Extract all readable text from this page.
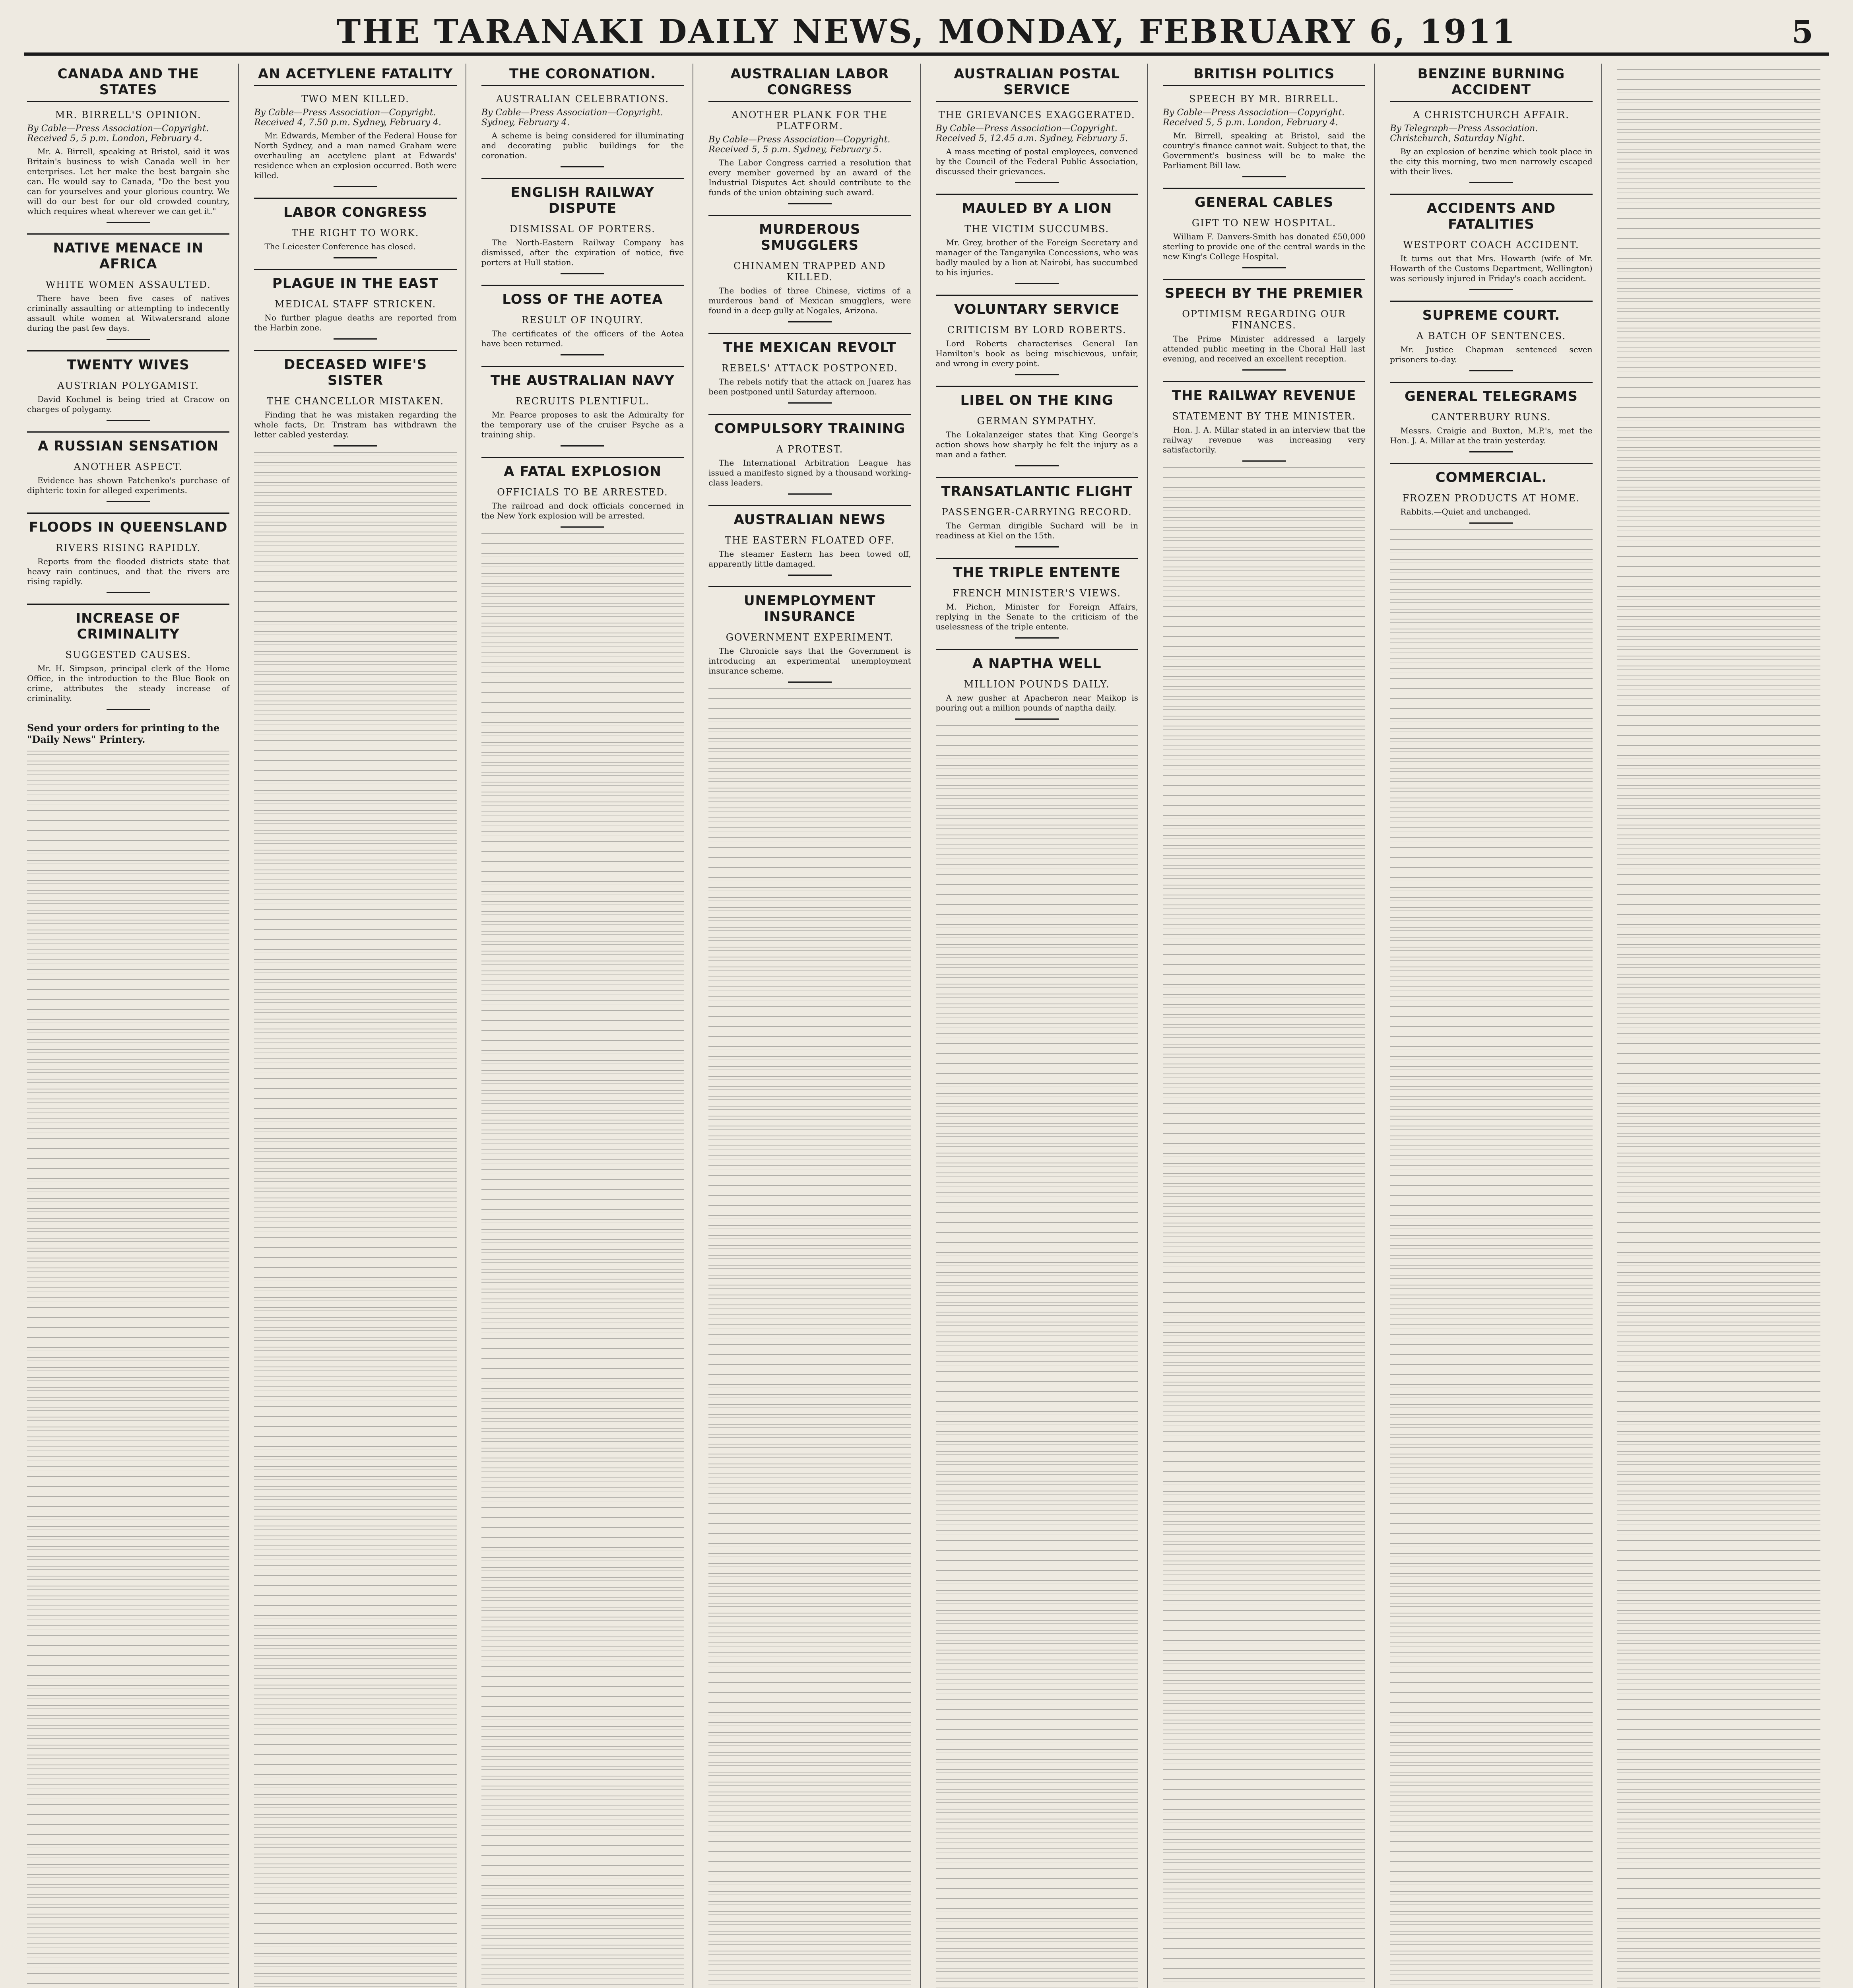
THE TARANAKI DAILY NEWS, MONDAY, FEBRUARY 6, 1911	5
CANADA AND THE STATES
MR. BIRRELL'S OPINION.
By Cable—Press Association—Copyright. Received 5, 5 p.m. London, February 4.

Mr. A. Birrell, speaking at Bristol, said it was Britain's business to wish Canada well in her enterprises. Let her make the best bargain she can. He would say to Canada, "Do the best you can for yourselves and your glorious country. We will do our best for our old crowded country, which requires wheat wherever we can get it."

NATIVE MENACE IN AFRICA
WHITE WOMEN ASSAULTED.

There have been five cases of natives criminally assaulting or attempting to indecently assault white women at Witwatersrand alone during the past few days.

TWENTY WIVES
AUSTRIAN POLYGAMIST.

David Kochmel is being tried at Cracow on charges of polygamy.

A RUSSIAN SENSATION
ANOTHER ASPECT.

Evidence has shown Patchenko's purchase of diphteric toxin for alleged experiments.

FLOODS IN QUEENSLAND
RIVERS RISING RAPIDLY.

Reports from the flooded districts state that heavy rain continues, and that the rivers are rising rapidly.

INCREASE OF CRIMINALITY
SUGGESTED CAUSES.

Mr. H. Simpson, principal clerk of the Home Office, in the introduction to the Blue Book on crime, attributes the steady increase of criminality.

Send your orders for printing to the "Daily News" Printery.
AN ACETYLENE FATALITY
TWO MEN KILLED.
By Cable—Press Association—Copyright. Received 4, 7.50 p.m. Sydney, February 4.

Mr. Edwards, Member of the Federal House for North Sydney, and a man named Graham were overhauling an acetylene plant at Edwards' residence when an explosion occurred. Both were killed.

LABOR CONGRESS
THE RIGHT TO WORK.

The Leicester Conference has closed.

PLAGUE IN THE EAST
MEDICAL STAFF STRICKEN.

No further plague deaths are reported from the Harbin zone.

DECEASED WIFE'S SISTER
THE CHANCELLOR MISTAKEN.

Finding that he was mistaken regarding the whole facts, Dr. Tristram has withdrawn the letter cabled yesterday.

THE CORONATION.
AUSTRALIAN CELEBRATIONS.
By Cable—Press Association—Copyright. Sydney, February 4.

A scheme is being considered for illuminating and decorating public buildings for the coronation.

ENGLISH RAILWAY DISPUTE
DISMISSAL OF PORTERS.

The North-Eastern Railway Company has dismissed, after the expiration of notice, five porters at Hull station.

LOSS OF THE AOTEA
RESULT OF INQUIRY.

The certificates of the officers of the Aotea have been returned.

THE AUSTRALIAN NAVY
RECRUITS PLENTIFUL.

Mr. Pearce proposes to ask the Admiralty for the temporary use of the cruiser Psyche as a training ship.

A FATAL EXPLOSION
OFFICIALS TO BE ARRESTED.

The railroad and dock officials concerned in the New York explosion will be arrested.

AUSTRALIAN LABOR CONGRESS
ANOTHER PLANK FOR THE PLATFORM.
By Cable—Press Association—Copyright. Received 5, 5 p.m. Sydney, February 5.

The Labor Congress carried a resolution that every member governed by an award of the Industrial Disputes Act should contribute to the funds of the union obtaining such award.

MURDEROUS SMUGGLERS
CHINAMEN TRAPPED AND KILLED.

The bodies of three Chinese, victims of a murderous band of Mexican smugglers, were found in a deep gully at Nogales, Arizona.

THE MEXICAN REVOLT
REBELS' ATTACK POSTPONED.

The rebels notify that the attack on Juarez has been postponed until Saturday afternoon.

COMPULSORY TRAINING
A PROTEST.

The International Arbitration League has issued a manifesto signed by a thousand working-class leaders.

AUSTRALIAN NEWS
THE EASTERN FLOATED OFF.

The steamer Eastern has been towed off, apparently little damaged.

UNEMPLOYMENT INSURANCE
GOVERNMENT EXPERIMENT.

The Chronicle says that the Government is introducing an experimental unemployment insurance scheme.

AUSTRALIAN POSTAL SERVICE
THE GRIEVANCES EXAGGERATED.
By Cable—Press Association—Copyright. Received 5, 12.45 a.m. Sydney, February 5.

A mass meeting of postal employees, convened by the Council of the Federal Public Association, discussed their grievances.

MAULED BY A LION
THE VICTIM SUCCUMBS.

Mr. Grey, brother of the Foreign Secretary and manager of the Tanganyika Concessions, who was badly mauled by a lion at Nairobi, has succumbed to his injuries.

VOLUNTARY SERVICE
CRITICISM BY LORD ROBERTS.

Lord Roberts characterises General Ian Hamilton's book as being mischievous, unfair, and wrong in every point.

LIBEL ON THE KING
GERMAN SYMPATHY.

The Lokalanzeiger states that King George's action shows how sharply he felt the injury as a man and a father.

TRANSATLANTIC FLIGHT
PASSENGER-CARRYING RECORD.

The German dirigible Suchard will be in readiness at Kiel on the 15th.

THE TRIPLE ENTENTE
FRENCH MINISTER'S VIEWS.

M. Pichon, Minister for Foreign Affairs, replying in the Senate to the criticism of the uselessness of the triple entente.

A NAPTHA WELL
MILLION POUNDS DAILY.

A new gusher at Apacheron near Maikop is pouring out a million pounds of naptha daily.

BRITISH POLITICS
SPEECH BY MR. BIRRELL.
By Cable—Press Association—Copyright. Received 5, 5 p.m. London, February 4.

Mr. Birrell, speaking at Bristol, said the country's finance cannot wait. Subject to that, the Government's business will be to make the Parliament Bill law.

GENERAL CABLES
GIFT TO NEW HOSPITAL.

William F. Danvers-Smith has donated £50,000 sterling to provide one of the central wards in the new King's College Hospital.

SPEECH BY THE PREMIER
OPTIMISM REGARDING OUR FINANCES.

The Prime Minister addressed a largely attended public meeting in the Choral Hall last evening, and received an excellent reception.

THE RAILWAY REVENUE
STATEMENT BY THE MINISTER.

Hon. J. A. Millar stated in an interview that the railway revenue was increasing very satisfactorily.

BENZINE BURNING ACCIDENT
A CHRISTCHURCH AFFAIR.
By Telegraph—Press Association. Christchurch, Saturday Night.

By an explosion of benzine which took place in the city this morning, two men narrowly escaped with their lives.

ACCIDENTS AND FATALITIES
WESTPORT COACH ACCIDENT.

It turns out that Mrs. Howarth (wife of Mr. Howarth of the Customs Department, Wellington) was seriously injured in Friday's coach accident.

SUPREME COURT.
A BATCH OF SENTENCES.

Mr. Justice Chapman sentenced seven prisoners to-day.

GENERAL TELEGRAMS
CANTERBURY RUNS.

Messrs. Craigie and Buxton, M.P.'s, met the Hon. J. A. Millar at the train yesterday.

COMMERCIAL.
FROZEN PRODUCTS AT HOME.

Rabbits.—Quiet and unchanged.
